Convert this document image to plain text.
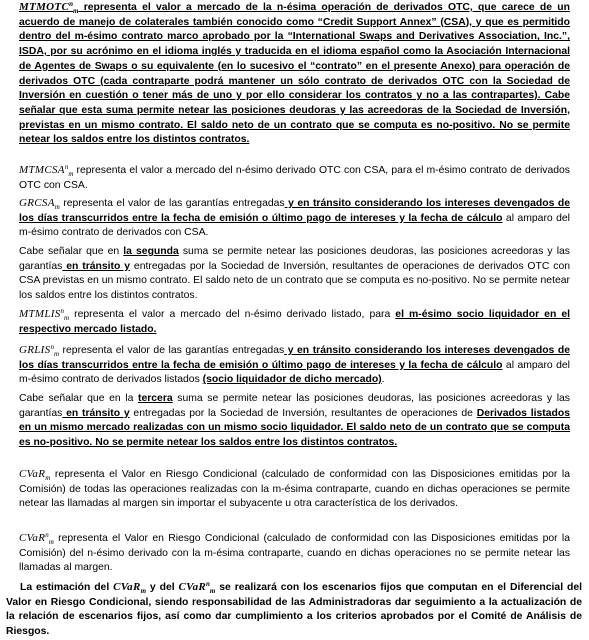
$MTMOTC^n_m$ representa el valor a mercado de la n-ésima operación de derivados OTC, que carece de un acuerdo de manejo de colaterales también conocido como “Credit Support Annex” (CSA), y que es permitido dentro del m-ésimo contrato marco aprobado por la “International Swaps and Derivatives Association, Inc.”, ISDA, por su acrónimo en el idioma inglés y traducida en el idioma español como la Asociación Internacional de Agentes de Swaps o su equivalente (en lo sucesivo el “contrato” en el presente Anexo) para operación de derivados OTC (cada contraparte podrá mantener un sólo contrato de derivados OTC con la Sociedad de Inversión en cuestión o tener más de uno y por ello considerar los contratos y no a las contrapartes). Cabe señalar que esta suma permite netear las posiciones deudoras y las acreedoras de la Sociedad de Inversión, previstas en un mismo contrato. El saldo neto de un contrato que se computa es no-positivo. No se permite netear los saldos entre los distintos contratos.

$MTMCSA^n_m$ representa el valor a mercado del n-ésimo derivado OTC con CSA, para el m-ésimo contrato de derivados OTC con CSA.

$GRCSA_m$ representa el valor de las garantías entregadas y en tránsito considerando los intereses devengados de los días transcurridos entre la fecha de emisión o último pago de intereses y la fecha de cálculo al amparo del m-ésimo contrato de derivados con CSA.

Cabe señalar que en la segunda suma se permite netear las posiciones deudoras, las posiciones acreedoras y las garantías en tránsito y entregadas por la Sociedad de Inversión, resultantes de operaciones de derivados OTC con CSA previstas en un mismo contrato. El saldo neto de un contrato que se computa es no-positivo. No se permite netear los saldos entre los distintos contratos.

$MTMLIS^n_m$ representa el valor a mercado del n-ésimo derivado listado, para el m-ésimo socio liquidador en el respectivo mercado listado.

$GRLIS^n_m$ representa el valor de las garantías entregadas y en tránsito considerando los intereses devengados de los días transcurridos entre la fecha de emisión o último pago de intereses y la fecha de cálculo al amparo del m-ésimo contrato de derivados listados (socio liquidador de dicho mercado).

Cabe señalar que en la tercera suma se permite netear las posiciones deudoras, las posiciones acreedoras y las garantías en tránsito y entregadas por la Sociedad de Inversión, resultantes de operaciones de Derivados listados en un mismo mercado realizadas con un mismo socio liquidador. El saldo neto de un contrato que se computa es no-positivo. No se permite netear los saldos entre los distintos contratos.

CVaR$_m$ representa el Valor en Riesgo Condicional (calculado de conformidad con las Disposiciones emitidas por la Comisión) de todas las operaciones realizadas con la m-ésima contraparte, cuando en dichas operaciones se permite netear las llamadas al margen sin importar el subyacente u otra característica de los derivados.

CVaR$^n_m$ representa el Valor en Riesgo Condicional (calculado de conformidad con las Disposiciones emitidas por la Comisión) del n-ésimo derivado con la m-ésima contraparte, cuando en dichas operaciones no se permite netear las llamadas al margen.

La estimación del CVaR$_m$ y del CVaR$^n_m$ se realizará con los escenarios fijos que computan en el Diferencial del Valor en Riesgo Condicional, siendo responsabilidad de las Administradoras dar seguimiento a la actualización de la relación de escenarios fijos, así como dar cumplimiento a los criterios aprobados por el Comité de Análisis de Riesgos.
